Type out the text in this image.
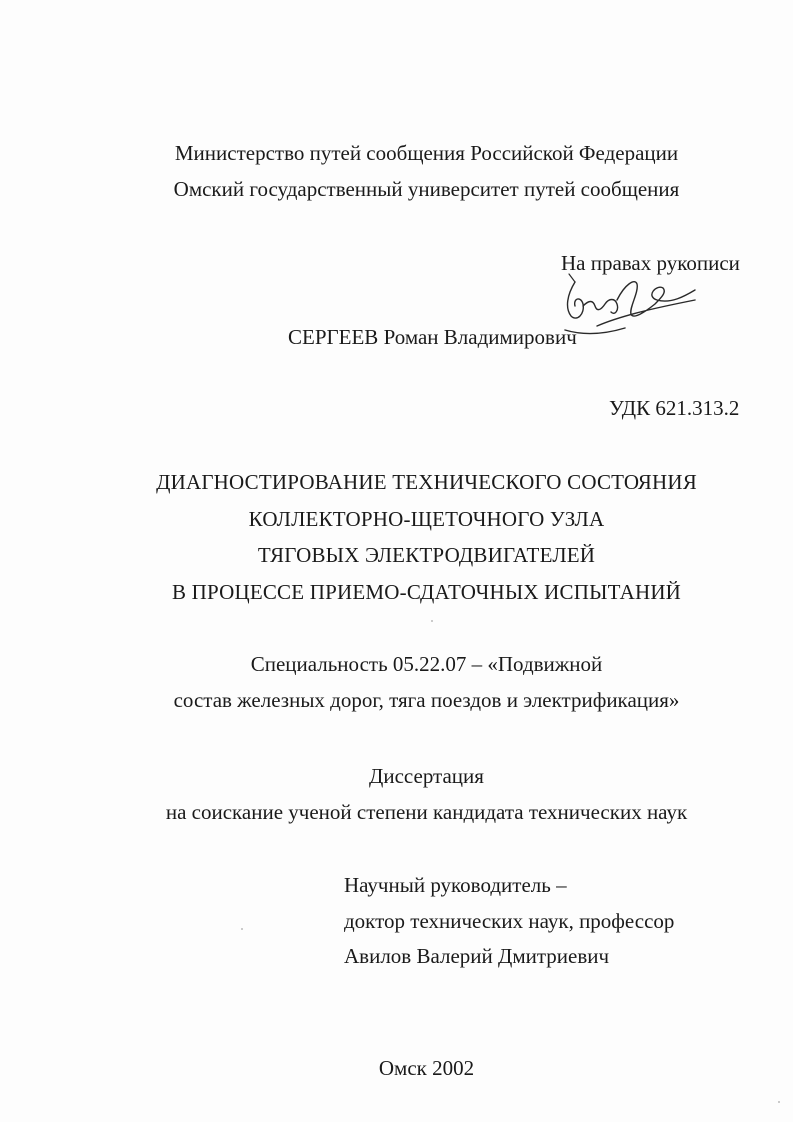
Министерство путей сообщения Российской Федерации
Омский государственный университет путей сообщения
На правах рукописи
СЕРГЕЕВ Роман Владимирович
УДК 621.313.2
ДИАГНОСТИРОВАНИЕ ТЕХНИЧЕСКОГО СОСТОЯНИЯ
КОЛЛЕКТОРНО-ЩЕТОЧНОГО УЗЛА
ТЯГОВЫХ ЭЛЕКТРОДВИГАТЕЛЕЙ
В ПРОЦЕССЕ ПРИЕМО-СДАТОЧНЫХ ИСПЫТАНИЙ
Специальность 05.22.07 – «Подвижной
состав железных дорог, тяга поездов и электрификация»
Диссертация
на соискание ученой степени кандидата технических наук
Научный руководитель –
доктор технических наук, профессор
Авилов Валерий Дмитриевич
Омск 2002
